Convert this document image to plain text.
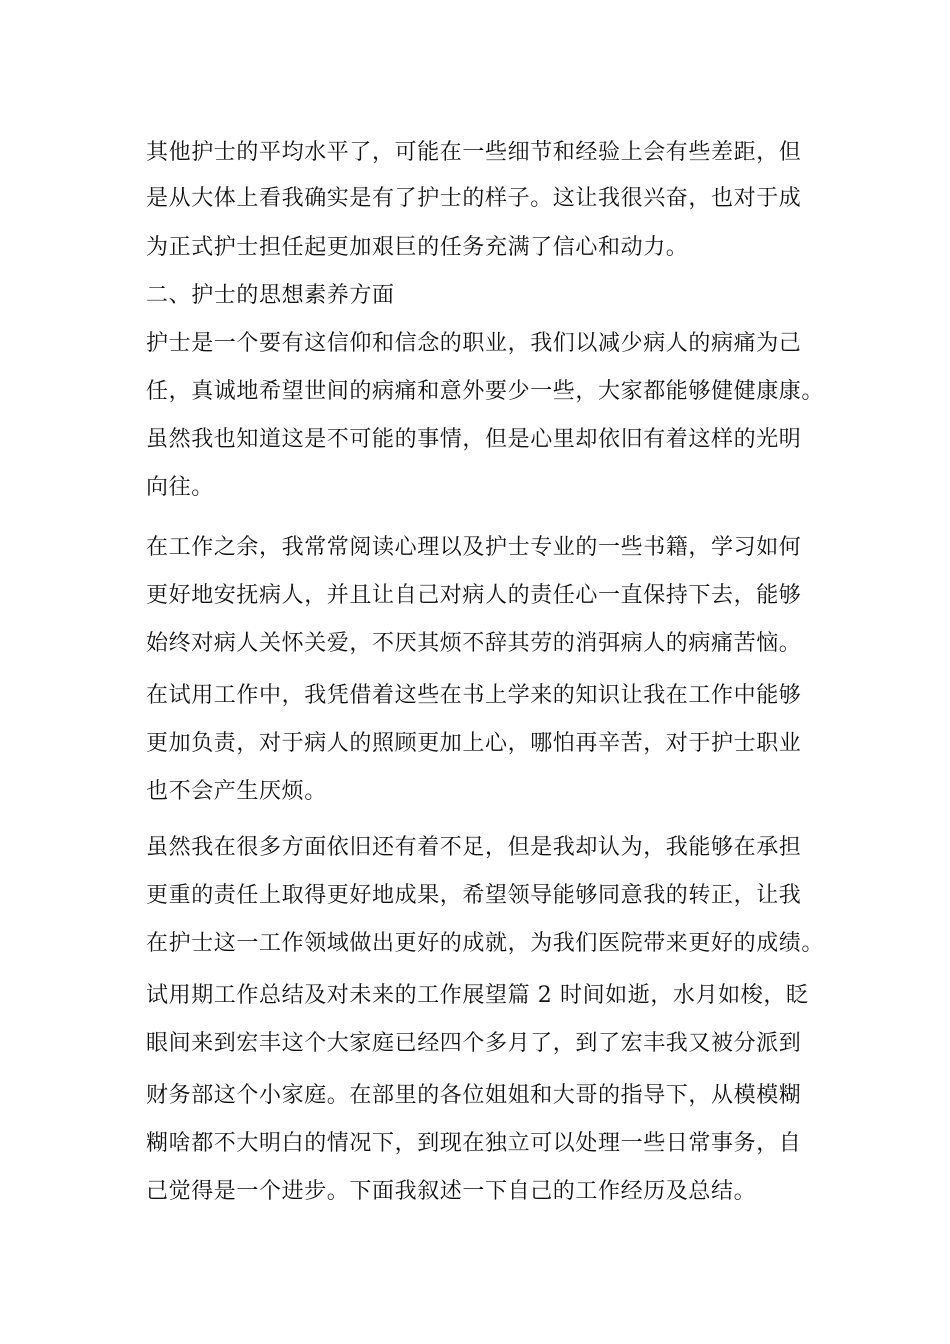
其他护士的平均水平了，可能在一些细节和经验上会有些差距，但
是从大体上看我确实是有了护士的样子。这让我很兴奋，也对于成
为正式护士担任起更加艰巨的任务充满了信心和动力。
二、护士的思想素养方面
护士是一个要有这信仰和信念的职业，我们以减少病人的病痛为己
任，真诚地希望世间的病痛和意外要少一些，大家都能够健健康康。
虽然我也知道这是不可能的事情，但是心里却依旧有着这样的光明
向往。
在工作之余，我常常阅读心理以及护士专业的一些书籍，学习如何
更好地安抚病人，并且让自己对病人的责任心一直保持下去，能够
始终对病人关怀关爱，不厌其烦不辞其劳的消弭病人的病痛苦恼。
在试用工作中，我凭借着这些在书上学来的知识让我在工作中能够
更加负责，对于病人的照顾更加上心，哪怕再辛苦，对于护士职业
也不会产生厌烦。
虽然我在很多方面依旧还有着不足，但是我却认为，我能够在承担
更重的责任上取得更好地成果，希望领导能够同意我的转正，让我
在护士这一工作领域做出更好的成就，为我们医院带来更好的成绩。
试用期工作总结及对未来的工作展望篇 2 时间如逝，水月如梭，眨
眼间来到宏丰这个大家庭已经四个多月了，到了宏丰我又被分派到
财务部这个小家庭。在部里的各位姐姐和大哥的指导下，从模模糊
糊啥都不大明白的情况下，到现在独立可以处理一些日常事务，自
己觉得是一个进步。下面我叙述一下自己的工作经历及总结。
